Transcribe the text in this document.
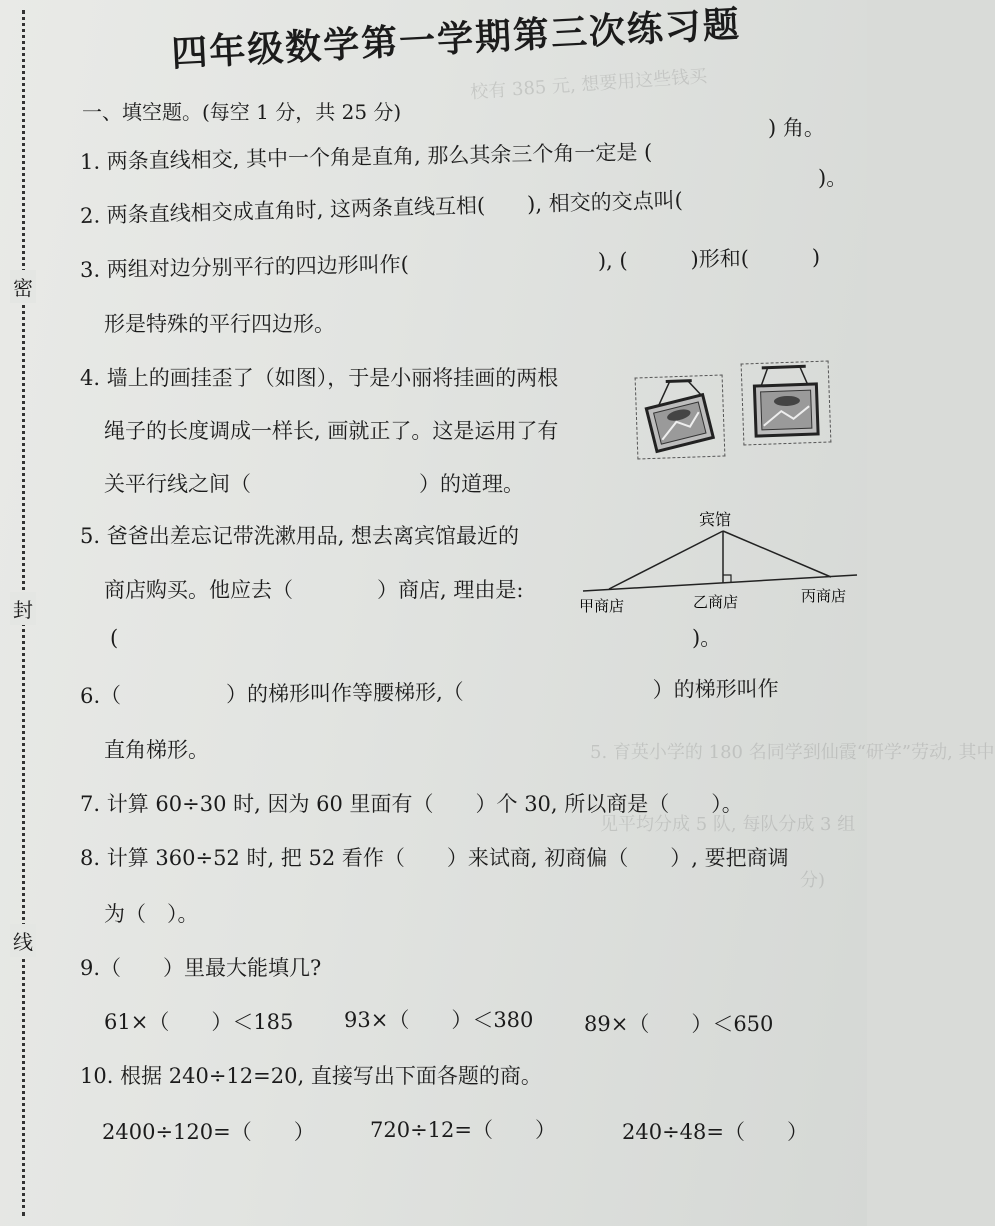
密
封
线
校有 385 元, 想要用这些钱买
5. 育英小学的 180 名同学到仙霞“研学”劳动, 其中
见平均分成 5 队, 每队分成 3 组
分)
四年级数学第一学期第三次练习题
一、填空题。(每空 1 分，共 25 分)
1. 两条直线相交, 其中一个角是直角, 那么其余三个角一定是 (
) 角。
2. 两条直线相交成直角时, 这两条直线互相(　　), 相交的交点叫(
)。
3. 两组对边分别平行的四边形叫作(　　　　　　　　　), (　　　)形和(　　　)
形是特殊的平行四边形。
4. 墙上的画挂歪了（如图），于是小丽将挂画的两根
绳子的长度调成一样长, 画就正了。这是运用了有
关平行线之间（　　　　　　　　）的道理。
5. 爸爸出差忘记带洗漱用品, 想去离宾馆最近的
商店购买。他应去（　　　　）商店, 理由是:
(	)。
宾馆
甲商店	乙商店	丙商店
6.（　　　　　）的梯形叫作等腰梯形,（　　　　　　　　　）的梯形叫作
直角梯形。
7. 计算 60÷30 时, 因为 60 里面有（　　）个 30, 所以商是（　　）。
8. 计算 360÷52 时, 把 52 看作（　　）来试商, 初商偏（　　）, 要把商调
为（　）。
9.（　　）里最大能填几?
61×（　　）＜185 93×（　　）＜380 89×（　　）＜650
10. 根据 240÷12=20, 直接写出下面各题的商。
2400÷120=（　　）	720÷12=（　　）	240÷48=（　　）
